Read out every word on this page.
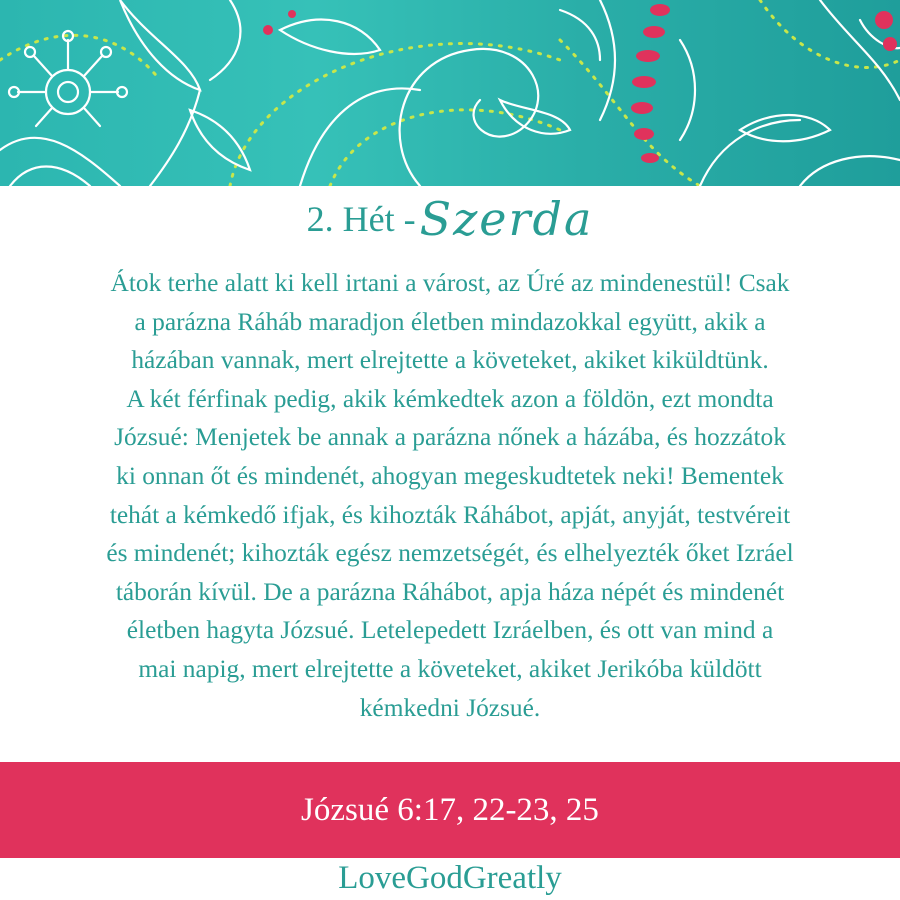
2. Hét - Szerda
Átok terhe alatt ki kell irtani a várost, az Úré az mindenestül! Csak
a parázna Ráháb maradjon életben mindazokkal együtt, akik a
házában vannak, mert elrejtette a követeket, akiket kiküldtünk.
A két férfinak pedig, akik kémkedtek azon a földön, ezt mondta
Józsué: Menjetek be annak a parázna nőnek a házába, és hozzátok
ki onnan őt és mindenét, ahogyan megeskudtetek neki! Bementek
tehát a kémkedő ifjak, és kihozták Ráhábot, apját, anyját, testvéreit
és mindenét; kihozták egész nemzetségét, és elhelyezték őket Izráel
táborán kívül. De a parázna Ráhábot, apja háza népét és mindenét
életben hagyta Józsué. Letelepedett Izráelben, és ott van mind a
mai napig, mert elrejtette a követeket, akiket Jerikóba küldött
kémkedni Józsué.
Józsué 6:17, 22-23, 25
LoveGodGreatly
